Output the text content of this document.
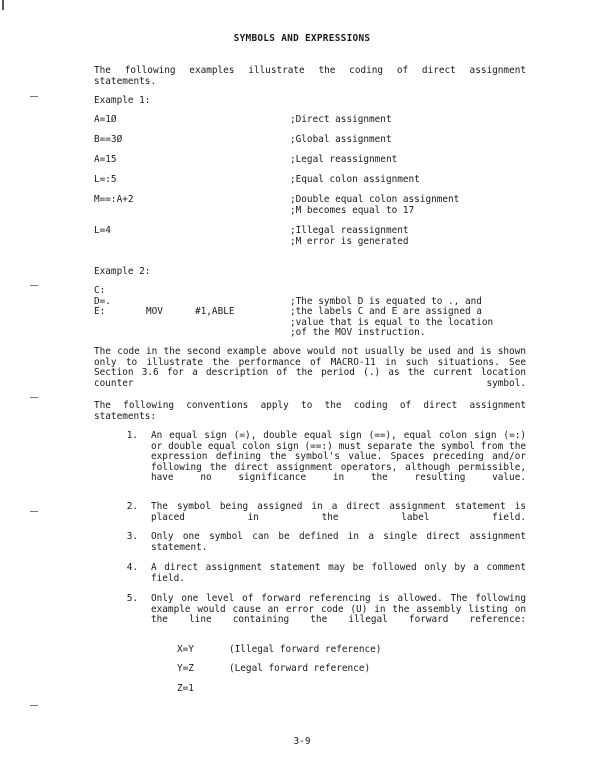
SYMBOLS AND EXPRESSIONS
The following examples illustrate the coding of direct assignment statements.
Example 1:
A=1Ø	;Direct assignment
B==3Ø	;Global assignment
A=15	;Legal reassignment
L=:5	;Equal colon assignment
M==:A+2	;Double equal colon assignment
;M becomes equal to 17
L=4	;Illegal reassignment
;M error is generated
Example 2:
C:
D=.	;The symbol D is equated to ., and
E:	MOV	#1,ABLE	;the labels C and E are assigned a
;value that is equal to the location
;of the MOV instruction.
The code in the second example above would not usually be used and is shown only to illustrate the performance of MACRO-11 in such situations. See Section 3.6 for a description of the period (.) as the current location counter symbol.
The following conventions apply to the coding of direct assignment statements:
1. An equal sign (=), double equal sign (==), equal colon sign (=:) or double equal colon sign (==:) must separate the symbol from the expression defining the symbol's value. Spaces preceding and/or following the direct assignment operators, although permissible, have no significance in the resulting value.
2. The symbol being assigned in a direct assignment statement is placed in the label field.
3. Only one symbol can be defined in a single direct assignment statement.
4. A direct assignment statement may be followed only by a comment field.
5. Only one level of forward referencing is allowed. The following example would cause an error code (U) in the assembly listing on the line containing the illegal forward reference:
X=Y	(Illegal forward reference)
Y=Z	(Legal forward reference)
Z=1
3-9
